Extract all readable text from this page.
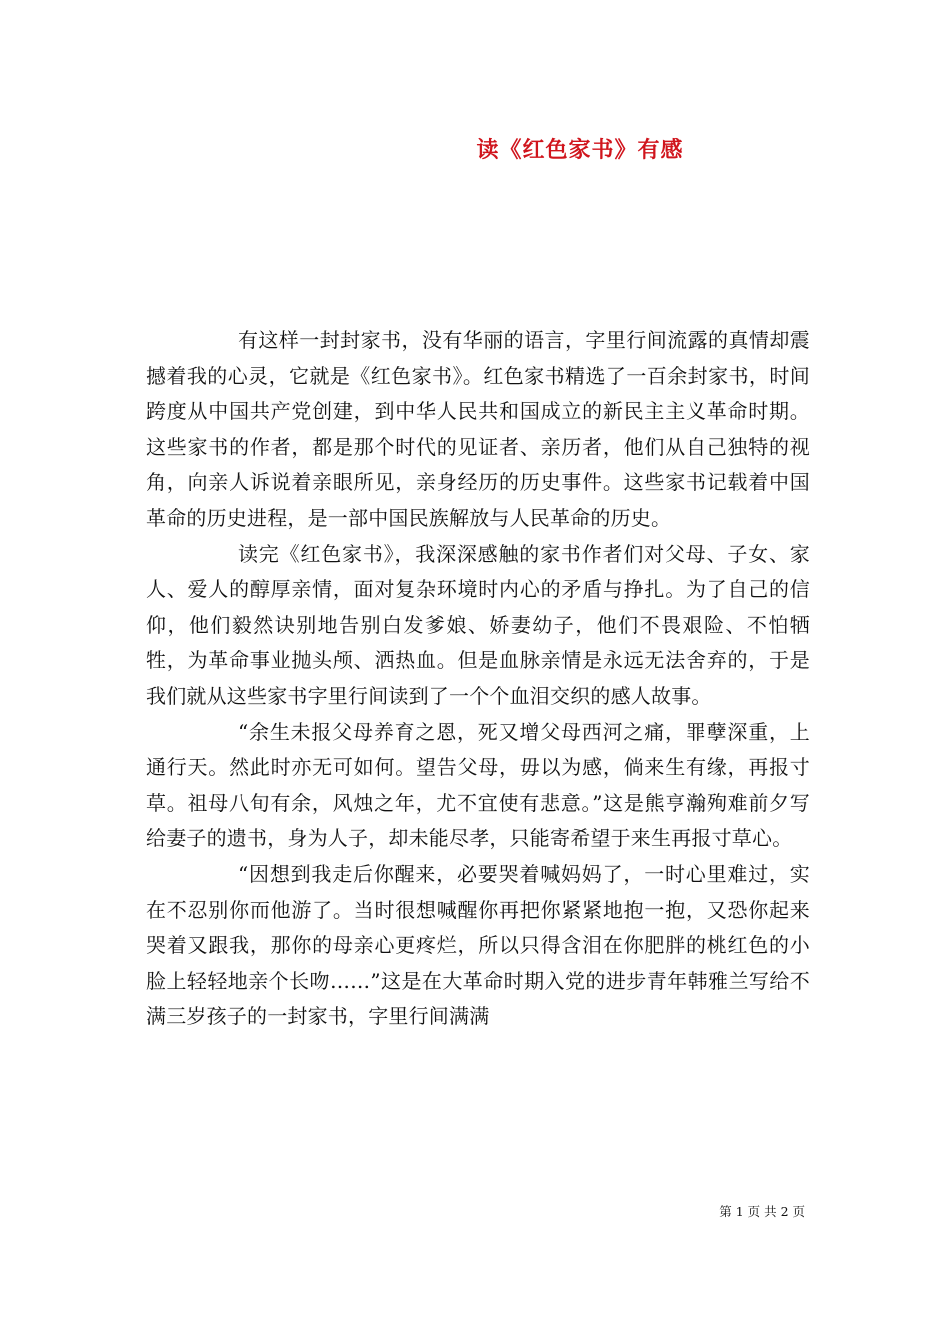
读《红色家书》有感

有这样一封封家书，没有华丽的语言，字里行间流露的真情却震撼着我的心灵，它就是《红色家书》。红色家书精选了一百余封家书，时间跨度从中国共产党创建，到中华人民共和国成立的新民主主义革命时期。这些家书的作者，都是那个时代的见证者、亲历者，他们从自己独特的视角，向亲人诉说着亲眼所见，亲身经历的历史事件。这些家书记载着中国革命的历史进程，是一部中国民族解放与人民革命的历史。

读完《红色家书》，我深深感触的家书作者们对父母、子女、家人、爱人的醇厚亲情，面对复杂环境时内心的矛盾与挣扎。为了自己的信仰，他们毅然诀别地告别白发爹娘、娇妻幼子，他们不畏艰险、不怕牺牲，为革命事业抛头颅、洒热血。但是血脉亲情是永远无法舍弃的，于是我们就从这些家书字里行间读到了一个个血泪交织的感人故事。

“余生未报父母养育之恩，死又增父母西河之痛，罪孽深重，上通行天。然此时亦无可如何。望告父母，毋以为感，倘来生有缘，再报寸草。祖母八旬有余，风烛之年，尤不宜使有悲意。”这是熊亨瀚殉难前夕写给妻子的遗书，身为人子，却未能尽孝，只能寄希望于来生再报寸草心。

“因想到我走后你醒来，必要哭着喊妈妈了，一时心里难过，实在不忍别你而他游了。当时很想喊醒你再把你紧紧地抱一抱，又恐你起来哭着又跟我，那你的母亲心更疼烂，所以只得含泪在你肥胖的桃红色的小脸上轻轻地亲个长吻……”这是在大革命时期入党的进步青年韩雅兰写给不满三岁孩子的一封家书，字里行间满满

第 1 页 共 2 页
